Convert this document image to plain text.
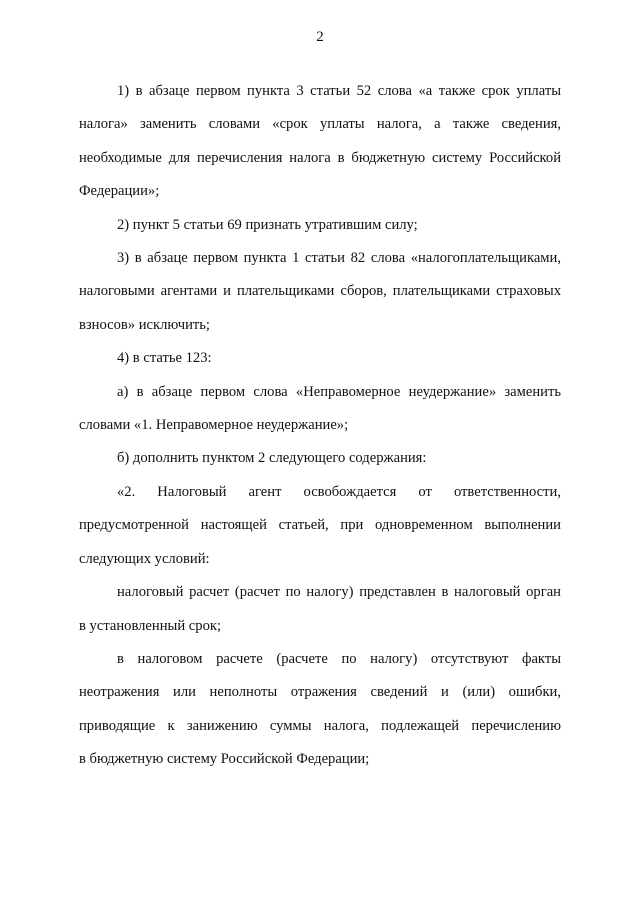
2
1) в абзаце первом пункта 3 статьи 52 слова «а также срок уплаты
налога» заменить словами «срок уплаты налога, а также сведения,
необходимые для перечисления налога в бюджетную систему Российской
Федерации»;
2) пункт 5 статьи 69 признать утратившим силу;
3) в абзаце первом пункта 1 статьи 82 слова «налогоплательщиками,
налоговыми агентами и плательщиками сборов, плательщиками страховых
взносов» исключить;
4) в статье 123:
а) в абзаце первом слова «Неправомерное неудержание» заменить
словами «1. Неправомерное неудержание»;
б) дополнить пунктом 2 следующего содержания:
«2. Налоговый агент освобождается от ответственности,
предусмотренной настоящей статьей, при одновременном выполнении
следующих условий:
налоговый расчет (расчет по налогу) представлен в налоговый орган
в установленный срок;
в налоговом расчете (расчете по налогу) отсутствуют факты
неотражения или неполноты отражения сведений и (или) ошибки,
приводящие к занижению суммы налога, подлежащей перечислению
в бюджетную систему Российской Федерации;
